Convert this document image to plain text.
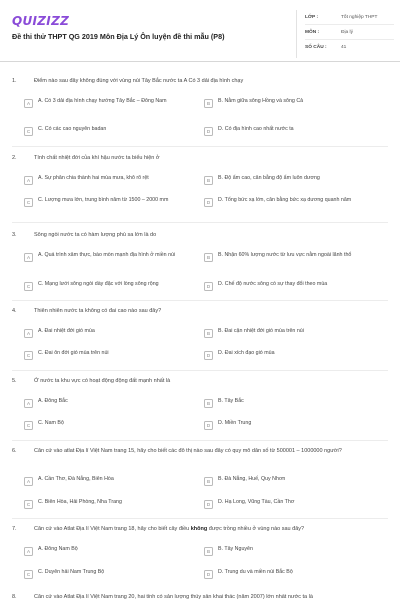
QUIZIZZ
Đề thi thử THPT QG 2019 Môn Địa Lý Ôn luyện đề thi mẫu (P8)
LỚP :	Tốt nghiệp THPT
MÔN :	Địa lý
SỐ CÂU :	41
1.	Điểm nào sau đây không đúng với vùng núi Tây Bắc nước ta A Có 3 dải địa hình chạy
A	A. Có 3 dải địa hình chạy hướng Tây Bắc – Đông Nam	B	B. Nằm giữa sông Hồng và sông Cả
C	C. Có các cao nguyên badan	D	D. Có địa hình cao nhất nước ta
2.	Tính chất nhiệt đới của khí hậu nước ta biểu hiện ở
A	A. Sự phân chia thành hai mùa mưa, khô rõ rệt	B	B. Độ ẩm cao, cân bằng độ ẩm luôn dương
C	C. Lượng mưa lớn, trung bình năm từ 1500 – 2000 mm	D	D. Tổng bức xạ lớn, cân bằng bức xạ dương quanh năm
3.	Sông ngòi nước ta có hàm lượng phù sa lớn là do
A	A. Quá trình xâm thực, bào mòn mạnh địa hình ở miền núi	B	B. Nhận 60% lượng nước từ lưu vực nằm ngoài lãnh thổ
C	C. Mạng lưới sông ngòi dày đặc với lòng sông rộng	D	D. Chế độ nước sông có sự thay đổi theo mùa
4.	Thiên nhiên nước ta không có đai cao nào sau đây?
A	A. Đai nhiệt đới gió mùa	B	B. Đai cận nhiệt đới gió mùa trên núi
C	C. Đai ôn đới gió mùa trên núi	D	D. Đai xích đạo gió mùa
5.	Ở nước ta khu vực có hoạt động động đất mạnh nhất là
A	A. Đông Bắc	B	B. Tây Bắc
C	C. Nam Bộ	D	D. Miền Trung
6.	Căn cứ vào atlat Địa lí Việt Nam trang 15, hãy cho biết các đô thị nào sau đây có quy mô dân số từ 500001 – 1000000 người?
A	A. Cần Thơ, Đà Nẵng, Biên Hòa	B	B. Đà Nẵng, Huế, Quy Nhơn
C	C. Biên Hòa, Hải Phòng, Nha Trang	D	D. Hạ Long, Vũng Tàu, Cần Thơ
7.	Căn cứ vào Atlat Địa lí Việt Nam trang 18, hãy cho biết cây điều không được trồng nhiều ở vùng nào sau đây?
A	A. Đông Nam Bộ	B	B. Tây Nguyên
C	C. Duyên hải Nam Trung Bộ	D	D. Trung du và miền núi Bắc Bộ
8.	Căn cứ vào Atlat Địa lí Việt Nam trang 20, hai tỉnh có sản lượng thủy sản khai thác (năm 2007) lớn nhất nước ta là
